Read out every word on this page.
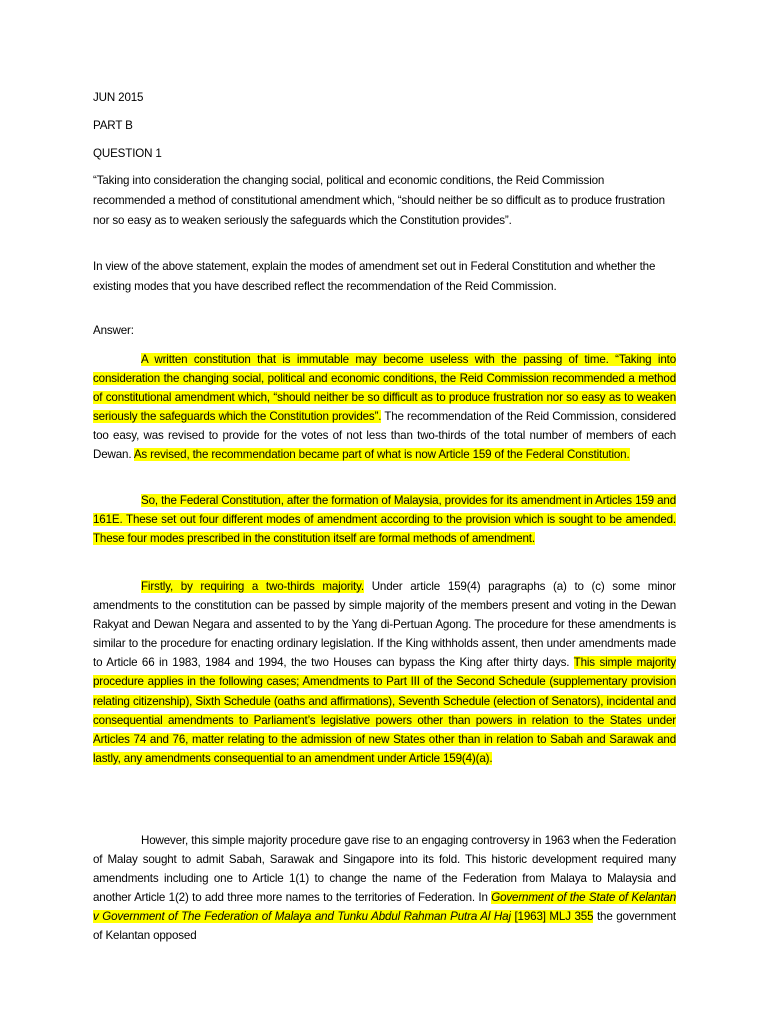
JUN 2015
PART B
QUESTION 1

“Taking into consideration the changing social, political and economic conditions, the Reid Commission recommended a method of constitutional amendment which, “should neither be so difficult as to produce frustration nor so easy as to weaken seriously the safeguards which the Constitution provides”.

In view of the above statement, explain the modes of amendment set out in Federal Constitution and whether the existing modes that you have described reflect the recommendation of the Reid Commission.

Answer:

A written constitution that is immutable may become useless with the passing of time. “Taking into consideration the changing social, political and economic conditions, the Reid Commission recommended a method of constitutional amendment which, “should neither be so difficult as to produce frustration nor so easy as to weaken seriously the safeguards which the Constitution provides”. The recommendation of the Reid Commission, considered too easy, was revised to provide for the votes of not less than two-thirds of the total number of members of each Dewan. As revised, the recommendation became part of what is now Article 159 of the Federal Constitution.

So, the Federal Constitution, after the formation of Malaysia, provides for its amendment in Articles 159 and 161E. These set out four different modes of amendment according to the provision which is sought to be amended. These four modes prescribed in the constitution itself are formal methods of amendment.

Firstly, by requiring a two-thirds majority. Under article 159(4) paragraphs (a) to (c) some minor amendments to the constitution can be passed by simple majority of the members present and voting in the Dewan Rakyat and Dewan Negara and assented to by the Yang di-Pertuan Agong. The procedure for these amendments is similar to the procedure for enacting ordinary legislation. If the King withholds assent, then under amendments made to Article 66 in 1983, 1984 and 1994, the two Houses can bypass the King after thirty days. This simple majority procedure applies in the following cases; Amendments to Part III of the Second Schedule (supplementary provision relating citizenship), Sixth Schedule (oaths and affirmations), Seventh Schedule (election of Senators), incidental and consequential amendments to Parliament’s legislative powers other than powers in relation to the States under Articles 74 and 76, matter relating to the admission of new States other than in relation to Sabah and Sarawak and lastly, any amendments consequential to an amendment under Article 159(4)(a).

However, this simple majority procedure gave rise to an engaging controversy in 1963 when the Federation of Malay sought to admit Sabah, Sarawak and Singapore into its fold. This historic development required many amendments including one to Article 1(1) to change the name of the Federation from Malaya to Malaysia and another Article 1(2) to add three more names to the territories of Federation. In Government of the State of Kelantan v Government of The Federation of Malaya and Tunku Abdul Rahman Putra Al Haj [1963] MLJ 355 the government of Kelantan opposed
